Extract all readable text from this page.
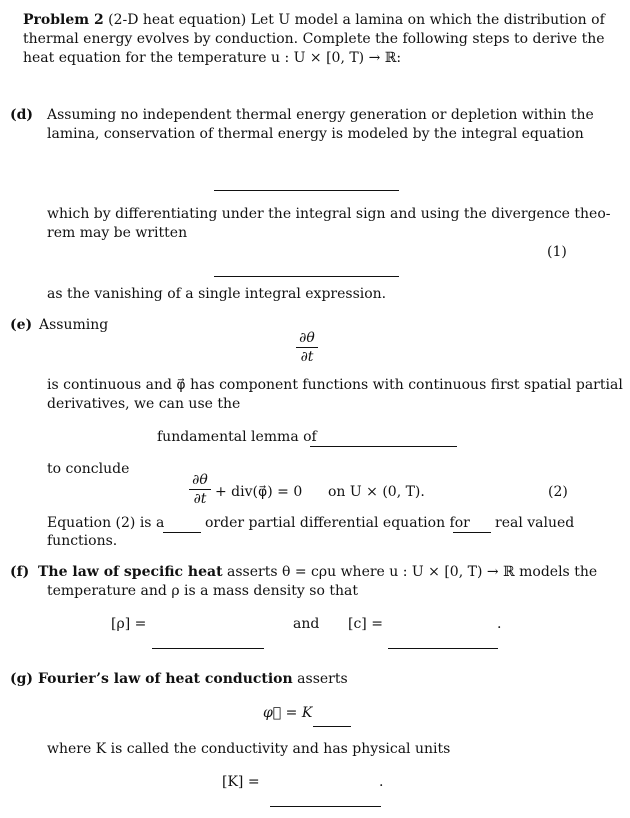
Problem 2 (2-D heat equation) Let U model a lamina on which the distribution of
thermal energy evolves by conduction. Complete the following steps to derive the
heat equation for the temperature u : U × [0, T) → ℝ:
(d) Assuming no independent thermal energy generation or depletion within the
lamina, conservation of thermal energy is modeled by the integral equation
which by differentiating under the integral sign and using the divergence theo-
rem may be written
(1)
as the vanishing of a single integral expression.
(e) Assuming
∂θ
∂t
is continuous and φ⃗ has component functions with continuous first spatial partial
derivatives, we can use the
fundamental lemma of
to conclude
∂θ
∂t + div(φ⃗) = 0 on U × (0, T).	(2)
Equation (2) is a	order partial differential equation for real valued
functions.
(f) The law of specific heat asserts θ = cρu where u : U × [0, T) → ℝ models the
temperature and ρ is a mass density so that
[ρ] =	and [c] =	.
(g) Fourier’s law of heat conduction asserts
φ⃗ = K
where K is called the conductivity and has physical units
[K] =	.
